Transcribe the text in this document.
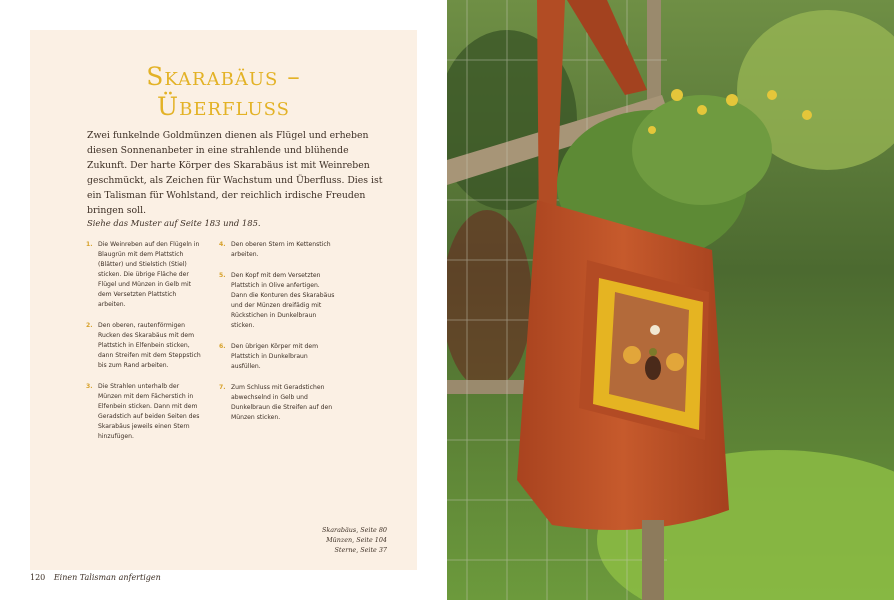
Skarabäus –
Überfluss
Zwei funkelnde Goldmünzen dienen als Flügel und erheben diesen Sonnenanbeter in eine strahlende und blühende Zukunft. Der harte Körper des Skarabäus ist mit Weinreben geschmückt, als Zeichen für Wachstum und Überfluss. Dies ist ein Talisman für Wohlstand, der reichlich irdische Freuden bringen soll.
Siehe das Muster auf Seite 183 und 185.
1. Die Weinreben auf den Flügeln in Blaugrün mit dem Plattstich (Blätter) und Stielstich (Stiel) sticken. Die übrige Fläche der Flügel und Münzen in Gelb mit dem Versetzten Plattstich arbeiten.
2. Den oberen, rautenförmigen Rucken des Skarabäus mit dem Plattstich in Elfenbein sticken, dann Streifen mit dem Steppstich bis zum Rand arbeiten.
3. Die Strahlen unterhalb der Münzen mit dem Fächerstich in Elfenbein sticken. Dann mit dem Geradstich auf beiden Seiten des Skarabäus jeweils einen Stern hinzufügen.
4. Den oberen Stern im Kettenstich arbeiten.
5. Den Kopf mit dem Versetzten Plattstich in Olive anfertigen. Dann die Konturen des Skarabäus und der Münzen dreifädig mit Rückstichen in Dunkelbraun sticken.
6. Den übrigen Körper mit dem Plattstich in Dunkelbraun ausfüllen.
7. Zum Schluss mit Geradstichen abwechselnd in Gelb und Dunkelbraun die Streifen auf den Münzen sticken.
Skarabäus, Seite 80
Münzen, Seite 104
Sterne, Seite 37
120 Einen Talisman anfertigen
